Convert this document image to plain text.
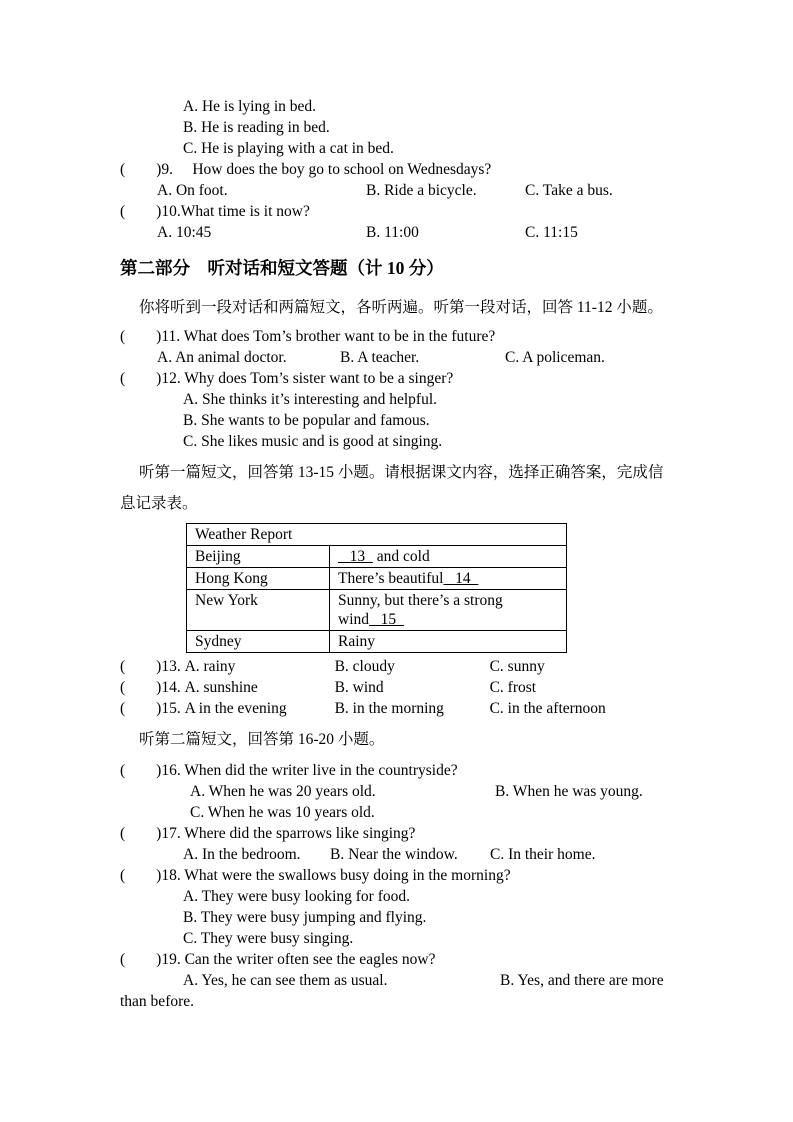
A. He is lying in bed.
B. He is reading in bed.
C. He is playing with a cat in bed.
(        )9.     How does the boy go to school on Wednesdays?
A. On foot.	B. Ride a bicycle.	C. Take a bus.
(        )10.What time is it now?
A. 10:45	B. 11:00	C. 11:15
第二部分　听对话和短文答题（计 10 分）
你将听到一段对话和两篇短文，各听两遍。听第一段对话，回答 11-12 小题。
(        )11. What does Tom’s brother want to be in the future?
A. An animal doctor.	B. A teacher.	C. A policeman.
(        )12. Why does Tom’s sister want to be a singer?
A. She thinks it’s interesting and helpful.
B. She wants to be popular and famous.
C. She likes music and is good at singing.
听第一篇短文，回答第 13-15 小题。请根据课文内容，选择正确答案，完成信
息记录表。
Weather Report	
Beijing	13 and cold
Hong Kong	There’s beautiful 14
New York	Sunny, but there’s a strong wind 15
Sydney	Rainy
(        )13. A. rainy	B. cloudy	C. sunny
(        )14. A. sunshine	B. wind	C. frost
(        )15. A in the evening	B. in the morning	C. in the afternoon
听第二篇短文，回答第 16-20 小题。
(        )16. When did the writer live in the countryside?
A. When he was 20 years old.	B. When he was young.
C. When he was 10 years old.
(        )17. Where did the sparrows like singing?
A. In the bedroom.	B. Near the window.	C. In their home.
(        )18. What were the swallows busy doing in the morning?
A. They were busy looking for food.
B. They were busy jumping and flying.
C. They were busy singing.
(        )19. Can the writer often see the eagles now?
A. Yes, he can see them as usual.	B. Yes, and there are more
than before.
